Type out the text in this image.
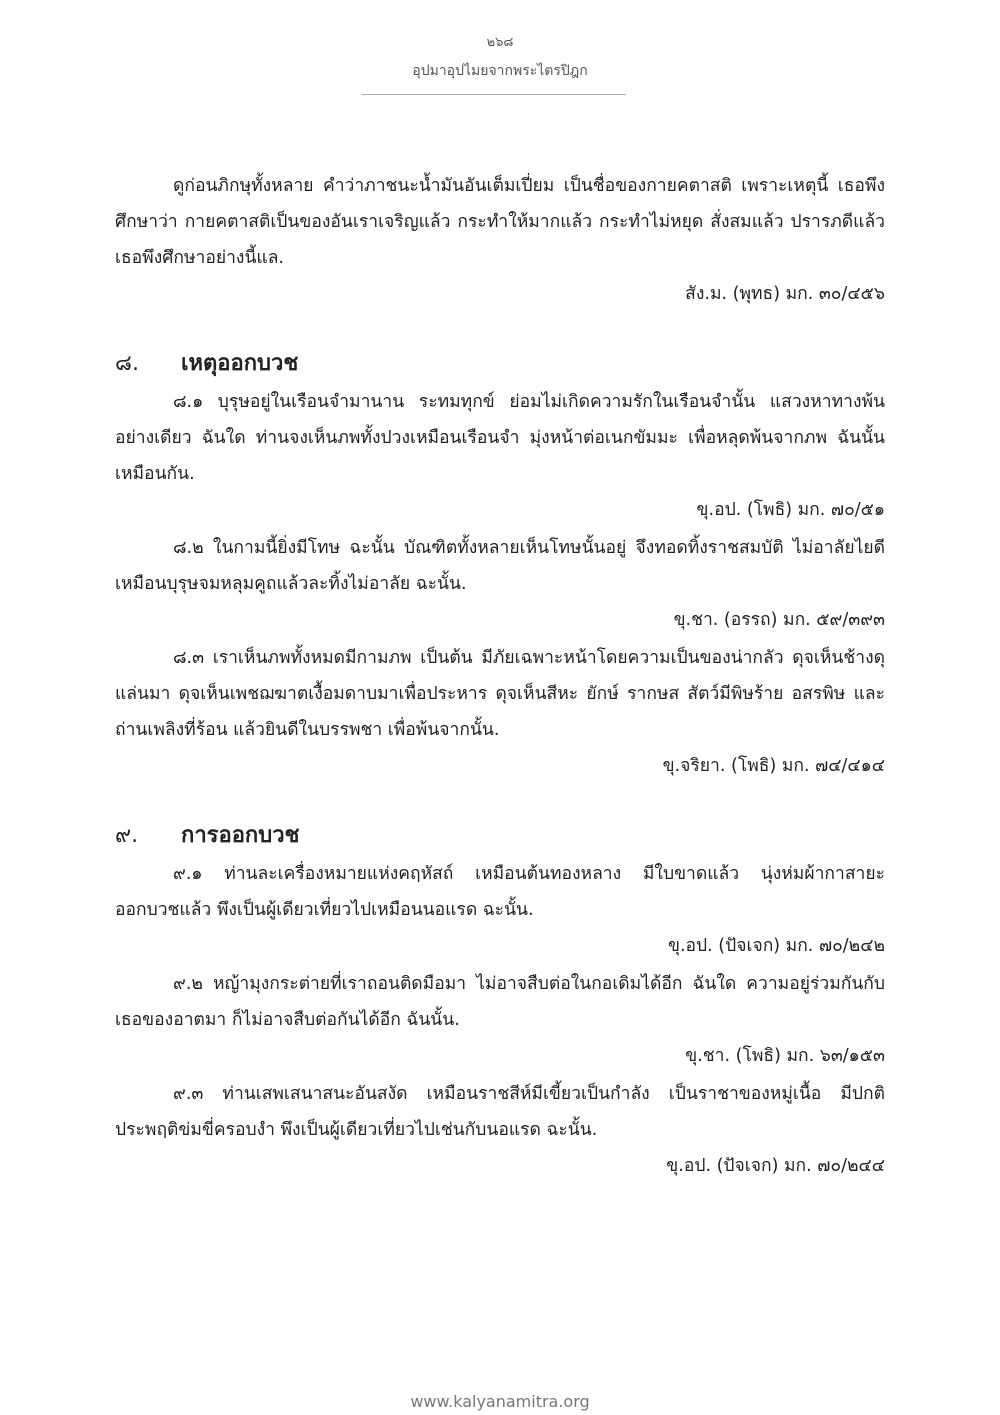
๒๖๘
อุปมาอุปไมยจากพระไตรปิฎก

ดูก่อนภิกษุทั้งหลาย คำว่าภาชนะน้ำมันอันเต็มเปี่ยม เป็นชื่อของกายคตาสติ เพราะเหตุนี้ เธอพึงศึกษาว่า กายคตาสติเป็นของอันเราเจริญแล้ว กระทำให้มากแล้ว กระทำไม่หยุด สั่งสมแล้ว ปรารภดีแล้ว เธอพึงศึกษาอย่างนี้แล.

สัง.ม. (พุทธ) มก. ๓๐/๔๕๖

๘.	เหตุออกบวช

๘.๑ บุรุษอยู่ในเรือนจำมานาน ระทมทุกข์ ย่อมไม่เกิดความรักในเรือนจำนั้น แสวงหาทางพ้นอย่างเดียว ฉันใด ท่านจงเห็นภพทั้งปวงเหมือนเรือนจำ มุ่งหน้าต่อเนกขัมมะ เพื่อหลุดพ้นจากภพ ฉันนั้นเหมือนกัน.

ขุ.อป. (โพธิ) มก. ๗๐/๕๑

๘.๒ ในกามนี้ยิ่งมีโทษ ฉะนั้น บัณฑิตทั้งหลายเห็นโทษนั้นอยู่ จึงทอดทิ้งราชสมบัติ ไม่อาลัยไยดี เหมือนบุรุษจมหลุมคูถแล้วละทิ้งไม่อาลัย ฉะนั้น.

ขุ.ชา. (อรรถ) มก. ๕๙/๓๙๓

๘.๓ เราเห็นภพทั้งหมดมีกามภพ เป็นต้น มีภัยเฉพาะหน้าโดยความเป็นของน่ากลัว ดุจเห็นช้างดุแล่นมา ดุจเห็นเพชฌฆาตเงื้อมดาบมาเพื่อประหาร ดุจเห็นสีหะ ยักษ์ รากษส สัตว์มีพิษร้าย อสรพิษ และถ่านเพลิงที่ร้อน แล้วยินดีในบรรพชา เพื่อพ้นจากนั้น.

ขุ.จริยา. (โพธิ) มก. ๗๔/๔๑๔

๙.	การออกบวช

๙.๑ ท่านละเครื่องหมายแห่งคฤหัสถ์ เหมือนต้นทองหลาง มีใบขาดแล้ว นุ่งห่มผ้ากาสายะ ออกบวชแล้ว พึงเป็นผู้เดียวเที่ยวไปเหมือนนอแรด ฉะนั้น.

ขุ.อป. (ปัจเจก) มก. ๗๐/๒๔๒

๙.๒ หญ้ามุงกระต่ายที่เราถอนติดมือมา ไม่อาจสืบต่อในกอเดิมได้อีก ฉันใด ความอยู่ร่วมกันกับเธอของอาตมา ก็ไม่อาจสืบต่อกันได้อีก ฉันนั้น.

ขุ.ชา. (โพธิ) มก. ๖๓/๑๕๓

๙.๓ ท่านเสพเสนาสนะอันสงัด เหมือนราชสีห์มีเขี้ยวเป็นกำลัง เป็นราชาของหมู่เนื้อ มีปกติประพฤติข่มขี่ครอบงำ พึงเป็นผู้เดียวเที่ยวไปเช่นกับนอแรด ฉะนั้น.

ขุ.อป. (ปัจเจก) มก. ๗๐/๒๔๔

www.kalyanamitra.org
